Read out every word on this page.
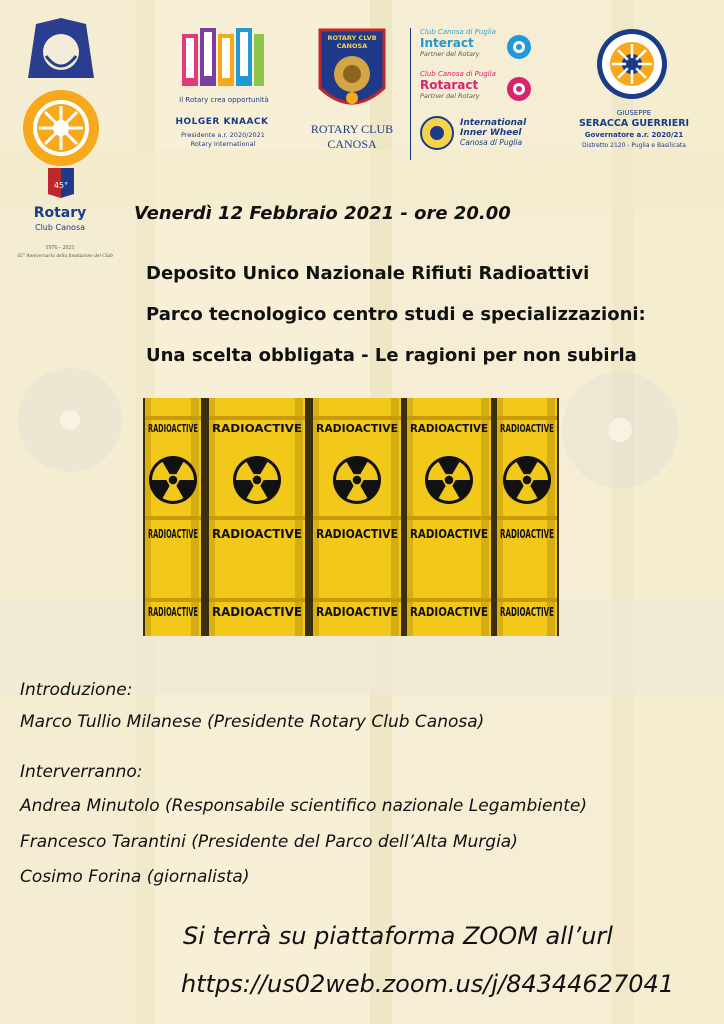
45°
Rotary
Club Canosa
1976 - 2021
45° Anniversario della fondazione del Club
Il Rotary crea opportunità
HOLGER KNAACK
Presidente a.r. 2020/2021
Rotary International
ROTARY CLVB
CANOSA
ROTARY CLUB
CANOSA
Club Canosa di Puglia
Interact
Partner del Rotary
Club Canosa di Puglia
Rotaract
Partner del Rotary
International
Inner Wheel
Canosa di Puglia
GIUSEPPE
SERACCA GUERRIERI
Governatore a.r. 2020/21
Distretto 2120 - Puglia e Basilicata
Venerdì 12 Febbraio 2021 - ore 20.00
Deposito Unico Nazionale Rifiuti Radioattivi
Parco tecnologico centro studi e specializzazioni:
Una scelta obbligata - Le ragioni per non subirla
RADIOACTIVE
RADIOACTIVE
RADIOACTIVE
RADIOACTIVE
RADIOACTIVE
RADIOACTIVE
RADIOACTIVE
RADIOACTIVE
RADIOACTIVE
RADIOACTIVE
RADIOACTIVE
RADIOACTIVE
RADIOACTIVE
RADIOACTIVE
RADIOACTIVE
Introduzione:
Marco Tullio Milanese (Presidente Rotary Club Canosa)
Interverranno:
Andrea Minutolo (Responsabile scientifico nazionale Legambiente)
Francesco Tarantini (Presidente del Parco dell’Alta Murgia)
Cosimo Forina (giornalista)
Si terrà su piattaforma ZOOM all’url
https://us02web.zoom.us/j/84344627041
